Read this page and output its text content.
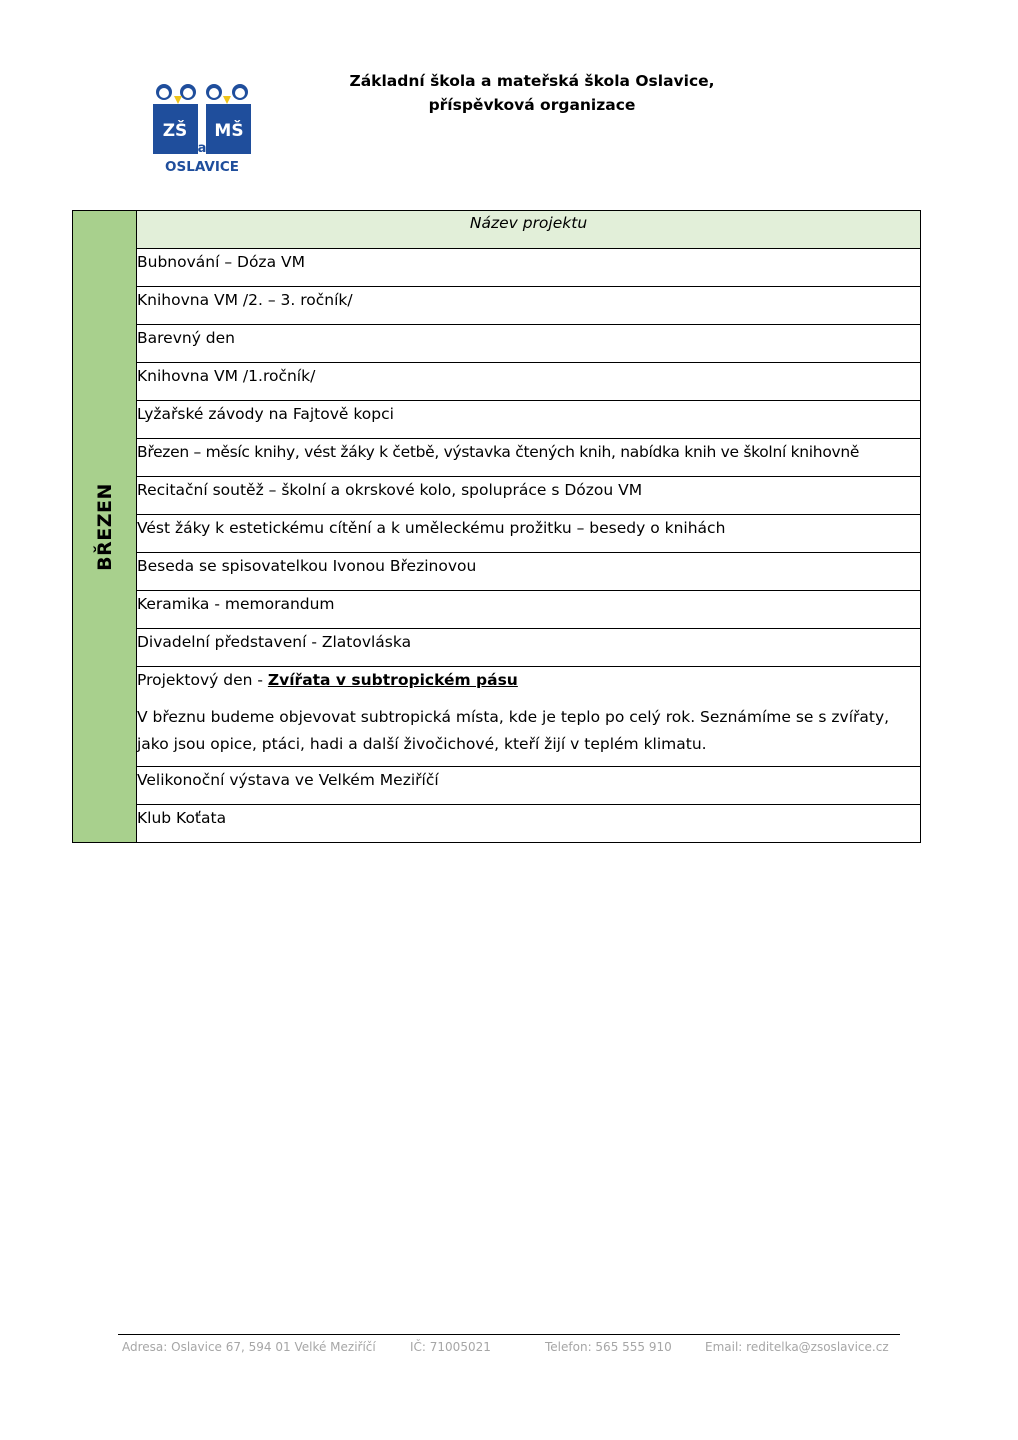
ZŠ MŠ
a
OSLAVICE
Základní škola a mateřská škola Oslavice,
příspěvková organizace
BŘEZEN
	Název projektu

Bubnování – Dóza VM

Knihovna VM /2. – 3. ročník/

Barevný den

Knihovna VM /1.ročník/

Lyžařské závody na Fajtově kopci

Březen – měsíc knihy, vést žáky k četbě, výstavka čtených knih, nabídka knih ve školní knihovně

Recitační soutěž – školní a okrskové kolo, spolupráce s Dózou VM

Vést žáky k estetickému cítění a k uměleckému prožitku – besedy o knihách

Beseda se spisovatelkou Ivonou Březinovou

Keramika - memorandum

Divadelní představení - Zlatovláska

Projektový den - Zvířata v subtropickém pásu
V březnu budeme objevovat subtropická místa, kde je teplo po celý rok. Seznámíme se s zvířaty, jako jsou opice, ptáci, hadi a další živočichové, kteří žijí v teplém klimatu.

Velikonoční výstava ve Velkém Meziříčí

Klub Koťata
Adresa: Oslavice 67, 594 01 Velké Meziříčí	IČ: 71005021	Telefon: 565 555 910	Email: reditelka@zsoslavice.cz
